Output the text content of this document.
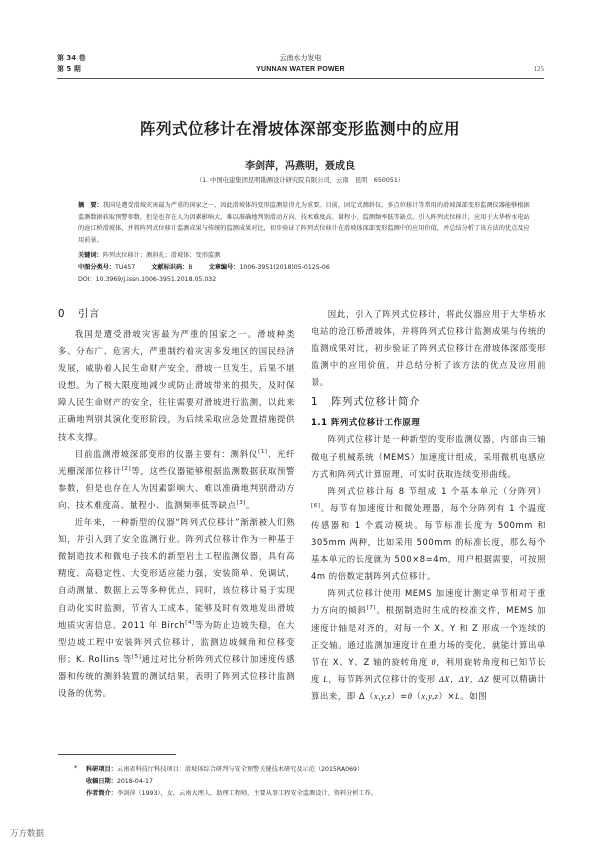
第 34 卷
第 5 期
云南水力发电
YUNNAN WATER POWER	125
阵列式位移计在滑坡体深部变形监测中的应用
李剑萍，冯燕明，聂成良
（1. 中国电建集团昆明勘测设计研究院有限公司，云南　昆明　650051）
摘　要：我国是遭受滑坡灾害最为严重的国家之一，因此滑坡体的变形监测显得尤为重要。目前，固定式测斜仪、多点位移计等常用的滑坡深部变形监测仪器能够根据监测数据获取预警参数，但是也存在人为因素影响大、难以准确地判别滑动方向、技术难度高、量程小、监测频率低等缺点。引入阵列式位移计，应用于大华桥水电站的沧江桥滑坡体，并将阵列式位移计监测成果与传统的监测成果对比，初步验证了阵列式位移计在滑坡体深部变形监测中的应用价值，并总结分析了该方法的优点及应用前景。
关键词：阵列式位移计；测斜孔；滑坡体；变形监测
中图分类号：TU457	文献标识码：B	文章编号：1006-3951(2018)05-0125-06
DOI：10.3969/j.issn.1006-3951.2018.05.032
0 引言

我国是遭受滑坡灾害最为严重的国家之一。滑坡种类多、分布广、危害大，严重制约着灾害多发地区的国民经济发展，威胁着人民生命财产安全，滑坡一旦发生，后果不堪设想。为了极大限度地减少或防止滑坡带来的损失，及时保障人民生命财产的安全，往往需要对滑坡进行监测，以此来正确地判别其演化变形阶段，为后续采取应急处置措施提供技术支撑。

目前监测滑坡深部变形的仪器主要有：测斜仪[1]、光纤光栅深部位移计[2]等，这些仪器能够根据监测数据获取预警参数，但是也存在人为因素影响大、难以准确地判别滑动方向、技术难度高、量程小、监测频率低等缺点[3]。

近年来，一种新型的仪器“阵列式位移计”渐渐被人们熟知，并引入到了安全监测行业。阵列式位移计作为一种基于微制造技术和微电子技术的新型岩土工程监测仪器，具有高精度、高稳定性、大变形适应能力强，安装简单、免调试，自动测量、数据上云等多种优点，同时，该位移计易于实现自动化实时监测，节省人工成本，能够及时有效地发出滑坡地质灾害信息。2011 年 Birch[4]等为防止边坡失稳，在大型边坡工程中安装阵列式位移计，监测边坡倾角和位移变形；K. Rollins 等[5]通过对比分析阵列式位移计加速度传感器和传统的测斜装置的测试结果，表明了阵列式位移计监测设备的优势。

因此，引入了阵列式位移计，将此仪器应用于大华桥水电站的沧江桥滑坡体，并将阵列式位移计监测成果与传统的监测成果对比，初步验证了阵列式位移计在滑坡体深部变形监测中的应用价值，并总结分析了该方法的优点及应用前景。

1 阵列式位移计简介
1.1 阵列式位移计工作原理

阵列式位移计是一种新型的变形监测仪器，内部由三轴微电子机械系统（MEMS）加速度计组成，采用微机电感应方式和阵列式计算原理，可实时获取连续变形曲线。

阵列式位移计每 8 节组成 1 个基本单元（分阵列）[6]。每节有加速度计和微处理器，每个分阵列有 1 个温度传感器和 1 个震动模块。每节标准长度为 500mm 和 305mm 两种，比如采用 500mm 的标准长度，那么每个基本单元的长度就为 500×8=4m，用户根据需要，可按照 4m 的倍数定制阵列式位移计。

阵列式位移计使用 MEMS 加速度计测定单节相对于重力方向的倾斜[7]。根据制造时生成的校准文件，MEMS 加速度计轴是对齐的，对每一个 X、Y 和 Z 形成一个连续的正交轴。通过监测加速度计在重力场的变化，就能计算出单节在 X、Y、Z 轴的旋转角度 θ，利用旋转角度和已知节长度 L，每节阵列式位移计的变形 ΔX，ΔY，ΔZ 便可以精确计算出来，即 Δ（x,y,z）=θ（x,y,z）×L。如图

* 科研项目：云南省科技厅科技项目：滑坡体综合研判与安全预警关键技术研究及示范（2015RA069）
收稿日期：2018-04-17
作者简介：李剑萍（1993），女，云南大理人，助理工程师，主要从事工程安全监测设计、资料分析工作。
万方数据
